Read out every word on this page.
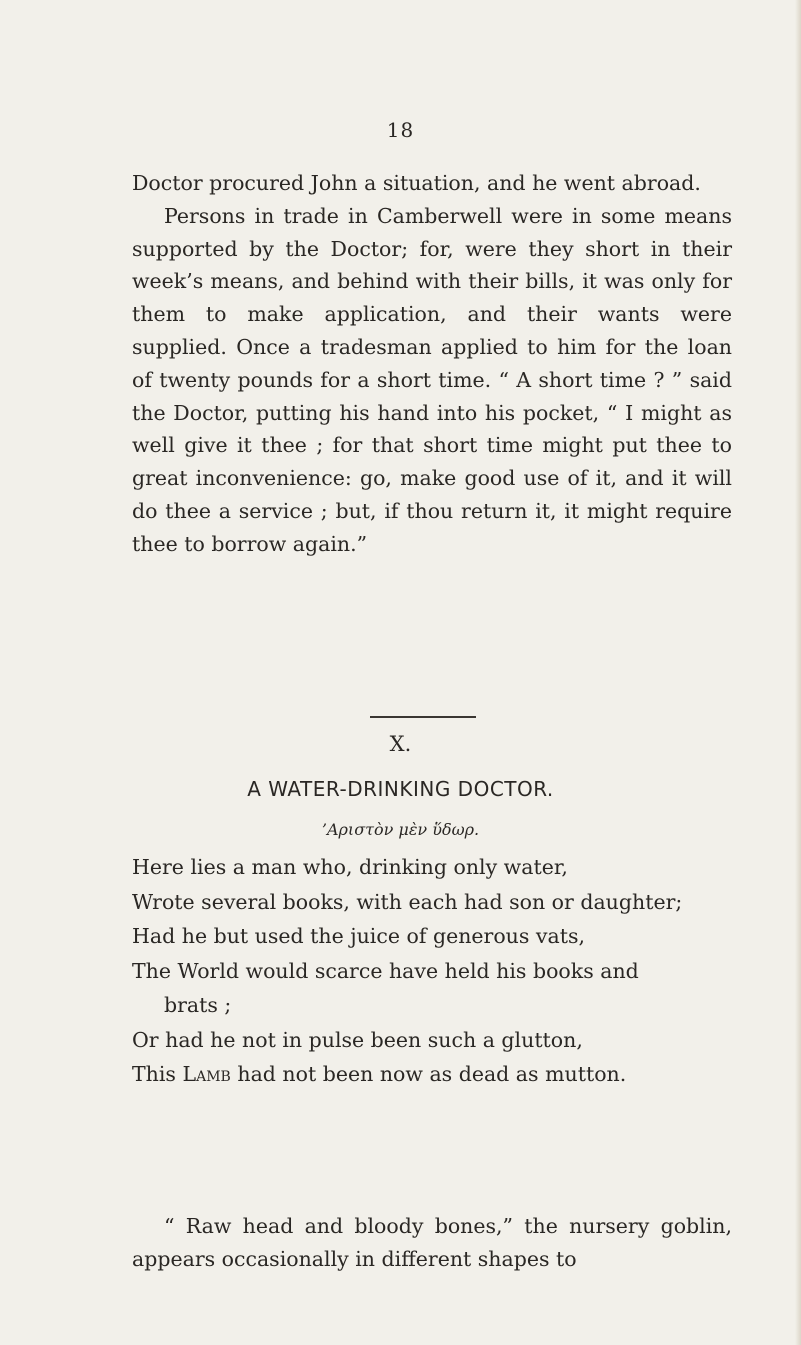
18

Doctor procured John a situation, and he went abroad.

Persons in trade in Camberwell were in some means supported by the Doctor; for, were they short in their week’s means, and behind with their bills, it was only for them to make application, and their wants were supplied. Once a tradesman applied to him for the loan of twenty pounds for a short time. “ A short time ? ” said the Doctor, putting his hand into his pocket, “ I might as well give it thee ; for that short time might put thee to great inconvenience: go, make good use of it, and it will do thee a service ; but, if thou return it, it might require thee to borrow again.”

X.
A WATER-DRINKING DOCTOR.
’Αριστὸν μὲν ὕδωρ.
Here lies a man who, drinking only water,
Wrote several books, with each had son or daughter;
Had he but used the juice of generous vats,
The World would scarce have held his books and
brats ;
Or had he not in pulse been such a glutton,
This Lamb had not been now as dead as mutton.

“ Raw head and bloody bones,” the nursery goblin, appears occasionally in different shapes to
